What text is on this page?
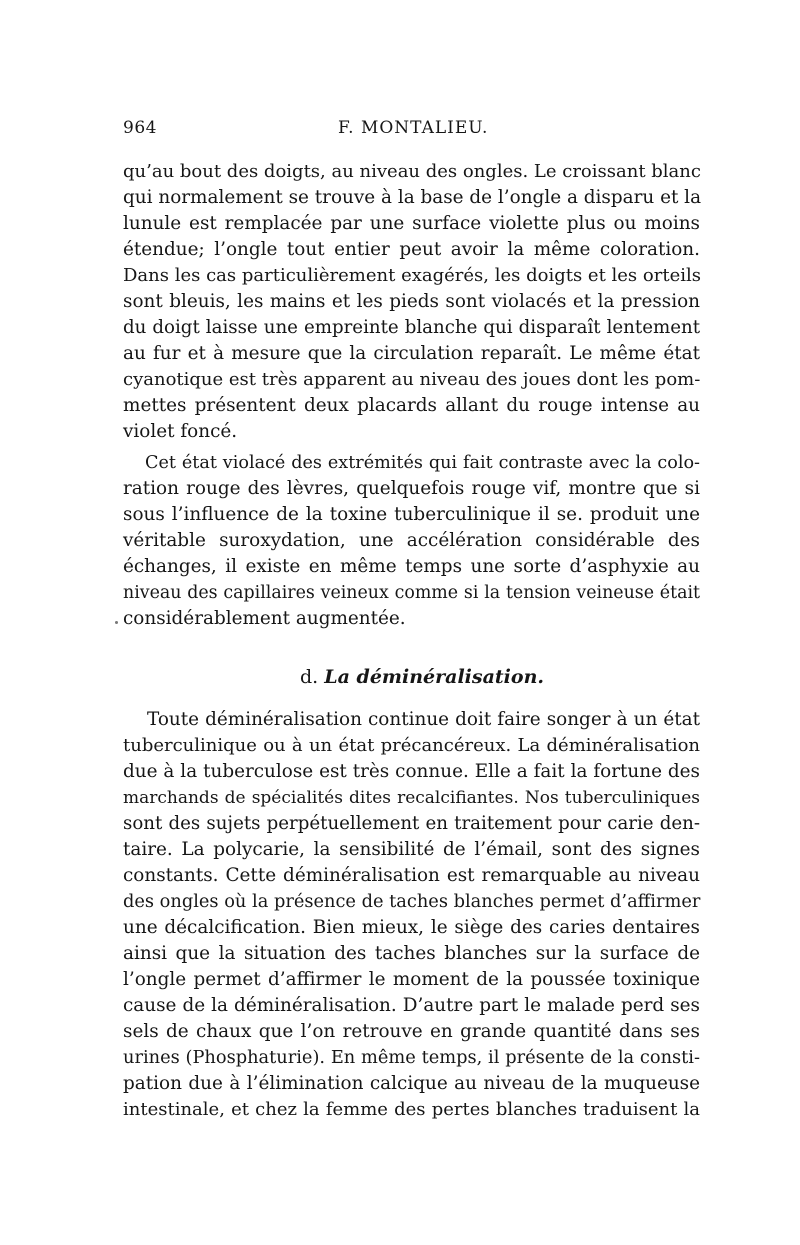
964	F. MONTALIEU.
qu’au bout des doigts, au niveau des ongles. Le croissant blanc
qui normalement se trouve à la base de l’ongle a disparu et la
lunule est remplacée par une surface violette plus ou moins
étendue; l’ongle tout entier peut avoir la même coloration.
Dans les cas particulièrement exagérés, les doigts et les orteils
sont bleuis, les mains et les pieds sont violacés et la pression
du doigt laisse une empreinte blanche qui disparaît lentement
au fur et à mesure que la circulation reparaît. Le même état
cyanotique est très apparent au niveau des joues dont les pom-
mettes présentent deux placards allant du rouge intense au
violet foncé.
Cet état violacé des extrémités qui fait contraste avec la colo-
ration rouge des lèvres, quelquefois rouge vif, montre que si
sous l’influence de la toxine tuberculinique il se. produit une
véritable suroxydation, une accélération considérable des
échanges, il existe en même temps une sorte d’asphyxie au
niveau des capillaires veineux comme si la tension veineuse était
considérablement augmentée.
d. La déminéralisation.
Toute déminéralisation continue doit faire songer à un état
tuberculinique ou à un état précancéreux. La déminéralisation
due à la tuberculose est très connue. Elle a fait la fortune des
marchands de spécialités dites recalcifiantes. Nos tuberculiniques
sont des sujets perpétuellement en traitement pour carie den-
taire. La polycarie, la sensibilité de l’émail, sont des signes
constants. Cette déminéralisation est remarquable au niveau
des ongles où la présence de taches blanches permet d’affirmer
une décalcification. Bien mieux, le siège des caries dentaires
ainsi que la situation des taches blanches sur la surface de
l’ongle permet d’affirmer le moment de la poussée toxinique
cause de la déminéralisation. D’autre part le malade perd ses
sels de chaux que l’on retrouve en grande quantité dans ses
urines (Phosphaturie). En même temps, il présente de la consti-
pation due à l’élimination calcique au niveau de la muqueuse
intestinale, et chez la femme des pertes blanches traduisent la
